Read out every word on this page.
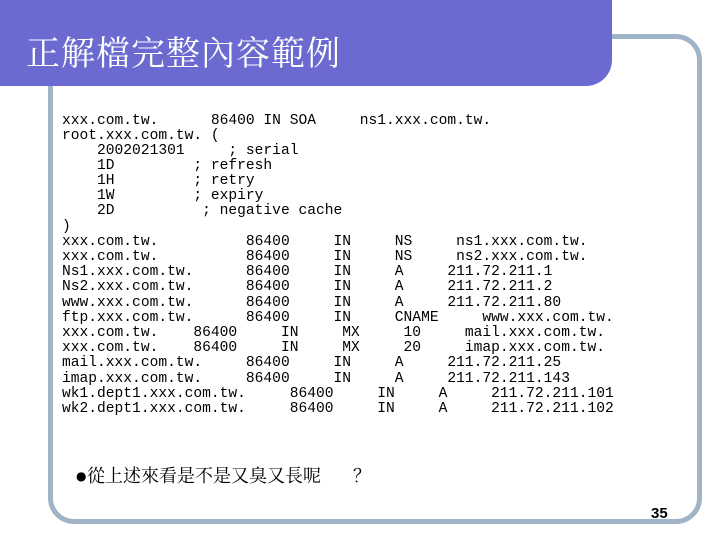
正解檔完整內容範例
xxx.com.tw.      86400 IN SOA     ns1.xxx.com.tw.
root.xxx.com.tw. (
2002021301     ; serial
1D         ; refresh
1H         ; retry
1W         ; expiry
2D          ; negative cache
)
xxx.com.tw.          86400     IN     NS     ns1.xxx.com.tw.
xxx.com.tw.          86400     IN     NS     ns2.xxx.com.tw.
Ns1.xxx.com.tw.      86400     IN     A     211.72.211.1
Ns2.xxx.com.tw.      86400     IN     A     211.72.211.2
www.xxx.com.tw.      86400     IN     A     211.72.211.80
ftp.xxx.com.tw.      86400     IN     CNAME     www.xxx.com.tw.
xxx.com.tw.    86400     IN     MX     10     mail.xxx.com.tw.
xxx.com.tw.    86400     IN     MX     20     imap.xxx.com.tw.
mail.xxx.com.tw.     86400     IN     A     211.72.211.25
imap.xxx.com.tw.     86400     IN     A     211.72.211.143
wk1.dept1.xxx.com.tw.     86400     IN     A     211.72.211.101
wk2.dept1.xxx.com.tw.     86400     IN     A     211.72.211.102
●從上述來看是不是又臭又長呢 ？
35
